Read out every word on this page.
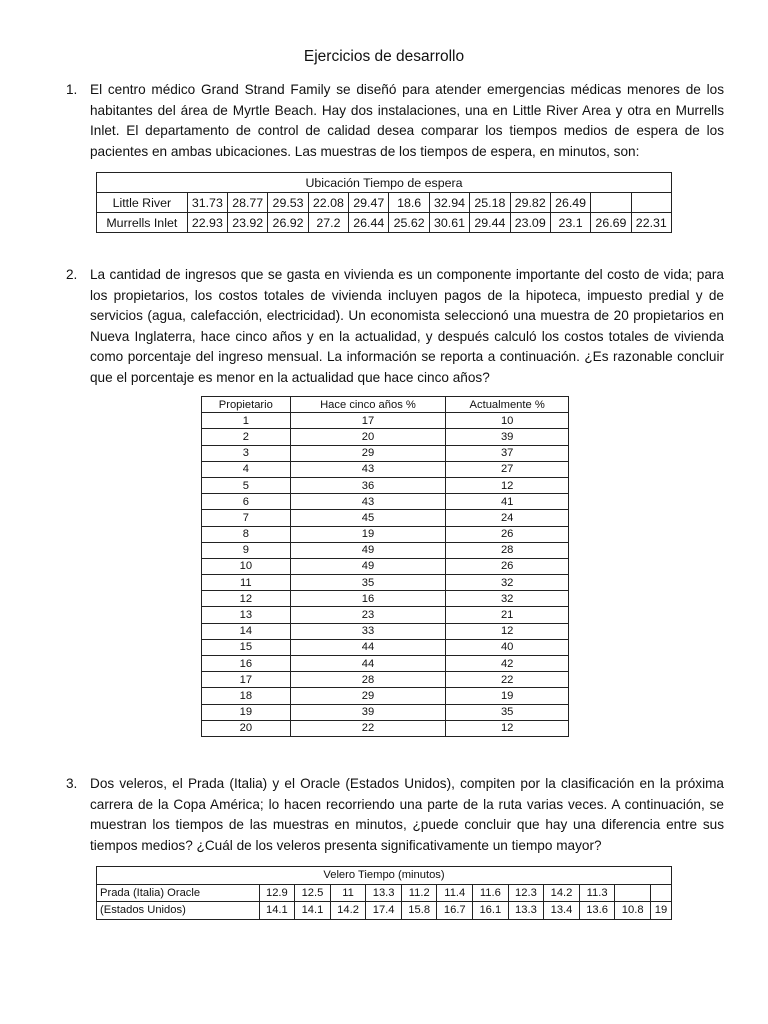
Ejercicios de desarrollo
1. El centro médico Grand Strand Family se diseñó para atender emergencias médicas menores de los habitantes del área de Myrtle Beach. Hay dos instalaciones, una en Little River Area y otra en Murrells Inlet. El departamento de control de calidad desea comparar los tiempos medios de espera de los pacientes en ambas ubicaciones. Las muestras de los tiempos de espera, en minutos, son:
Ubicación Tiempo de espera												
Little River	31.73	28.77	29.53	22.08	29.47	18.6	32.94	25.18	29.82	26.49		
Murrells Inlet	22.93	23.92	26.92	27.2	26.44	25.62	30.61	29.44	23.09	23.1	26.69	22.31
2. La cantidad de ingresos que se gasta en vivienda es un componente importante del costo de vida; para los propietarios, los costos totales de vivienda incluyen pagos de la hipoteca, impuesto predial y de servicios (agua, calefacción, electricidad). Un economista seleccionó una muestra de 20 propietarios en Nueva Inglaterra, hace cinco años y en la actualidad, y después calculó los costos totales de vivienda como porcentaje del ingreso mensual. La información se reporta a continuación. ¿Es razonable concluir que el porcentaje es menor en la actualidad que hace cinco años?
Propietario	Hace cinco años %	Actualmente %
1	17	10
2	20	39
3	29	37
4	43	27
5	36	12
6	43	41
7	45	24
8	19	26
9	49	28
10	49	26
11	35	32
12	16	32
13	23	21
14	33	12
15	44	40
16	44	42
17	28	22
18	29	19
19	39	35
20	22	12
3. Dos veleros, el Prada (Italia) y el Oracle (Estados Unidos), compiten por la clasificación en la próxima carrera de la Copa América; lo hacen recorriendo una parte de la ruta varias veces. A continuación, se muestran los tiempos de las muestras en minutos, ¿puede concluir que hay una diferencia entre sus tiempos medios? ¿Cuál de los veleros presenta significativamente un tiempo mayor?
Velero Tiempo (minutos)												
Prada (Italia) Oracle	12.9	12.5	11	13.3	11.2	11.4	11.6	12.3	14.2	11.3		
(Estados Unidos)	14.1	14.1	14.2	17.4	15.8	16.7	16.1	13.3	13.4	13.6	10.8	19
